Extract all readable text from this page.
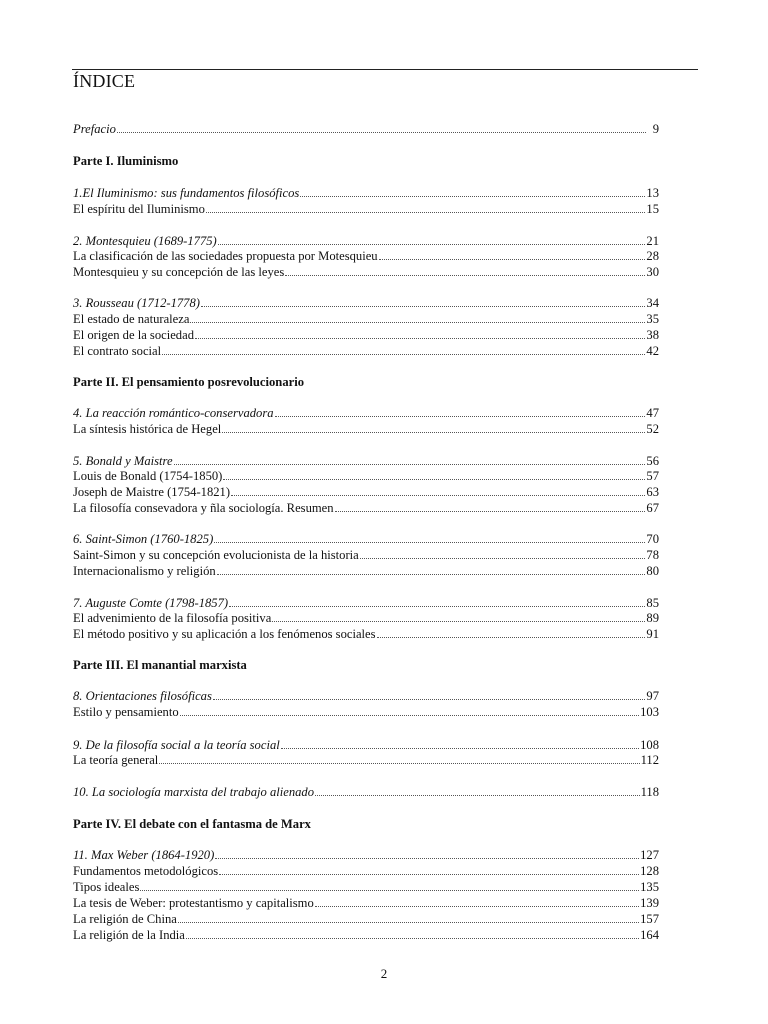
ÍNDICE
Prefacio	9
Parte I. Iluminismo
1.El Iluminismo: sus fundamentos filosóficos	13
El espíritu del Iluminismo	15
2. Montesquieu (1689-1775)	21
La clasificación de las sociedades propuesta por Motesquieu	28
Montesquieu y su concepción de las leyes	30
3. Rousseau (1712-1778)	34
El estado de naturaleza	35
El origen de la sociedad	38
El contrato social	42
Parte II. El pensamiento posrevolucionario
4. La reacción romántico-conservadora	47
La síntesis histórica de Hegel	52
5. Bonald y Maistre	56
Louis de Bonald (1754-1850)	57
Joseph de Maistre (1754-1821)	63
La filosofía consevadora y ñla sociología. Resumen	67
6. Saint-Simon (1760-1825)	70
Saint-Simon y su concepción evolucionista de la historia	78
Internacionalismo y religión	80
7. Auguste Comte (1798-1857)	85
El advenimiento de la filosofía positiva	89
El método positivo y su aplicación a los fenómenos sociales	91
Parte III. El manantial marxista
8. Orientaciones filosóficas	97
Estilo y pensamiento	103
9. De la filosofía social a la teoría social	108
La teoría general	112
10. La sociología marxista del trabajo alienado	118
Parte IV. El debate con el fantasma de Marx
11. Max Weber (1864-1920)	127
Fundamentos metodológicos	128
Tipos ideales	135
La tesis de Weber: protestantismo y capitalismo	139
La religión de China	157
La religión de la India	164
2
